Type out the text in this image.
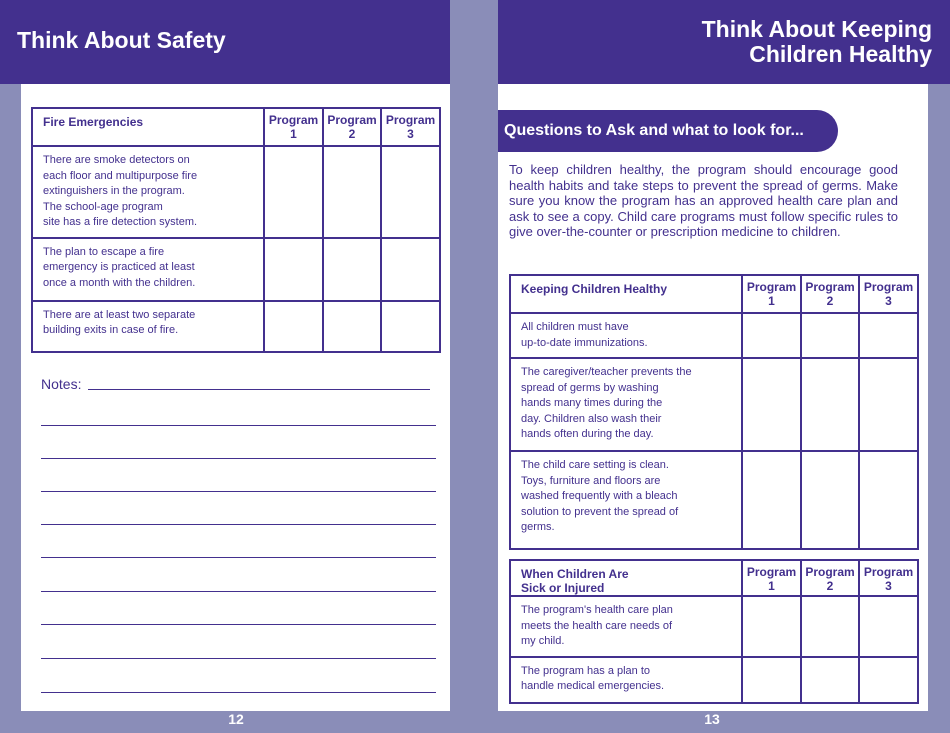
Think About Safety	Think About Keeping
Children Healthy
Fire Emergencies	Program 1	Program 2	Program 3

There are smoke detectors on
each floor and multipurpose fire
extinguishers in the program.
The school-age program
site has a fire detection system.			

The plan to escape a fire
emergency is practiced at least
once a month with the children.			

There are at least two separate
building exits in case of fire.			

Notes:
Questions to Ask and what to look for...
To keep children healthy, the program should encourage good health habits and take steps to prevent the spread of germs. Make sure you know the program has an approved health care plan and ask to see a copy. Child care programs must follow specific rules to give over-the-counter or prescription medicine to children.
Keeping Children Healthy	Program 1	Program 2	Program 3

All children must have
up-to-date immunizations.			

The caregiver/teacher prevents the
spread of germs by washing
hands many times during the
day. Children also wash their
hands often during the day.			

The child care setting is clean.
Toys, furniture and floors are
washed frequently with a bleach
solution to prevent the spread of
germs.			

When Children Are
Sick or Injured	Program 1	Program 2	Program 3

The program's health care plan
meets the health care needs of
my child.			

The program has a plan to
handle medical emergencies.			

12	13
